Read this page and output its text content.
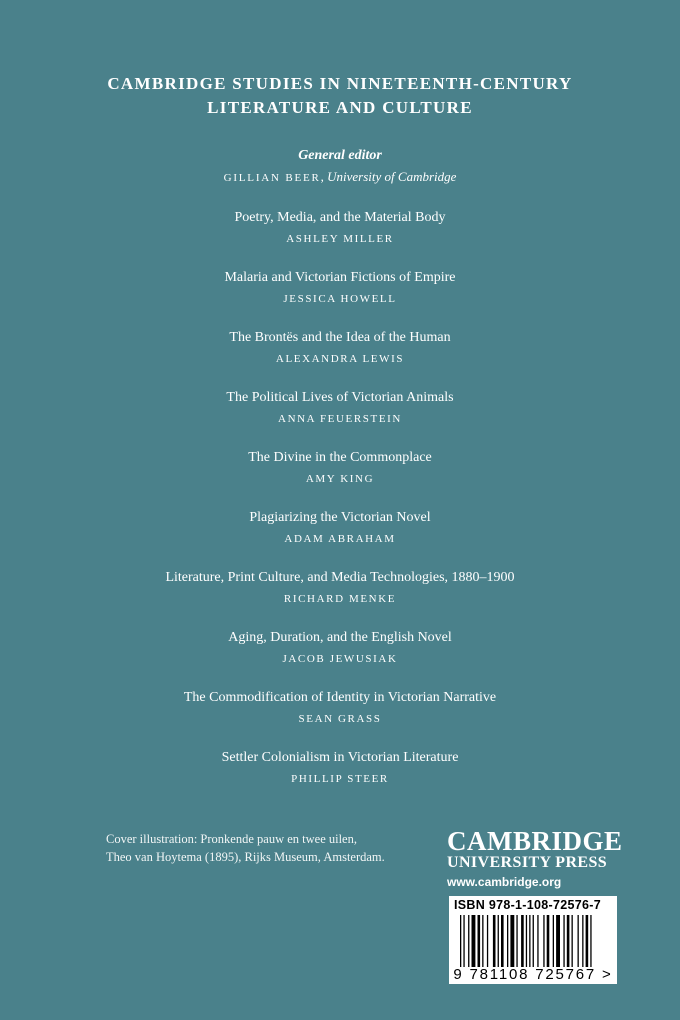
CAMBRIDGE STUDIES IN NINETEENTH-CENTURY
LITERATURE AND CULTURE
General editor
GILLIAN BEER, University of Cambridge
Poetry, Media, and the Material Body
ASHLEY MILLER
Malaria and Victorian Fictions of Empire
JESSICA HOWELL
The Brontës and the Idea of the Human
ALEXANDRA LEWIS
The Political Lives of Victorian Animals
ANNA FEUERSTEIN
The Divine in the Commonplace
AMY KING
Plagiarizing the Victorian Novel
ADAM ABRAHAM
Literature, Print Culture, and Media Technologies, 1880–1900
RICHARD MENKE
Aging, Duration, and the English Novel
JACOB JEWUSIAK
The Commodification of Identity in Victorian Narrative
SEAN GRASS
Settler Colonialism in Victorian Literature
PHILLIP STEER
Cover illustration: Pronkende pauw en twee uilen,
Theo van Hoytema (1895), Rijks Museum, Amsterdam.
CAMBRIDGE
UNIVERSITY PRESS
www.cambridge.org
ISBN 978-1-108-72576-7
9 781108 725767 >
